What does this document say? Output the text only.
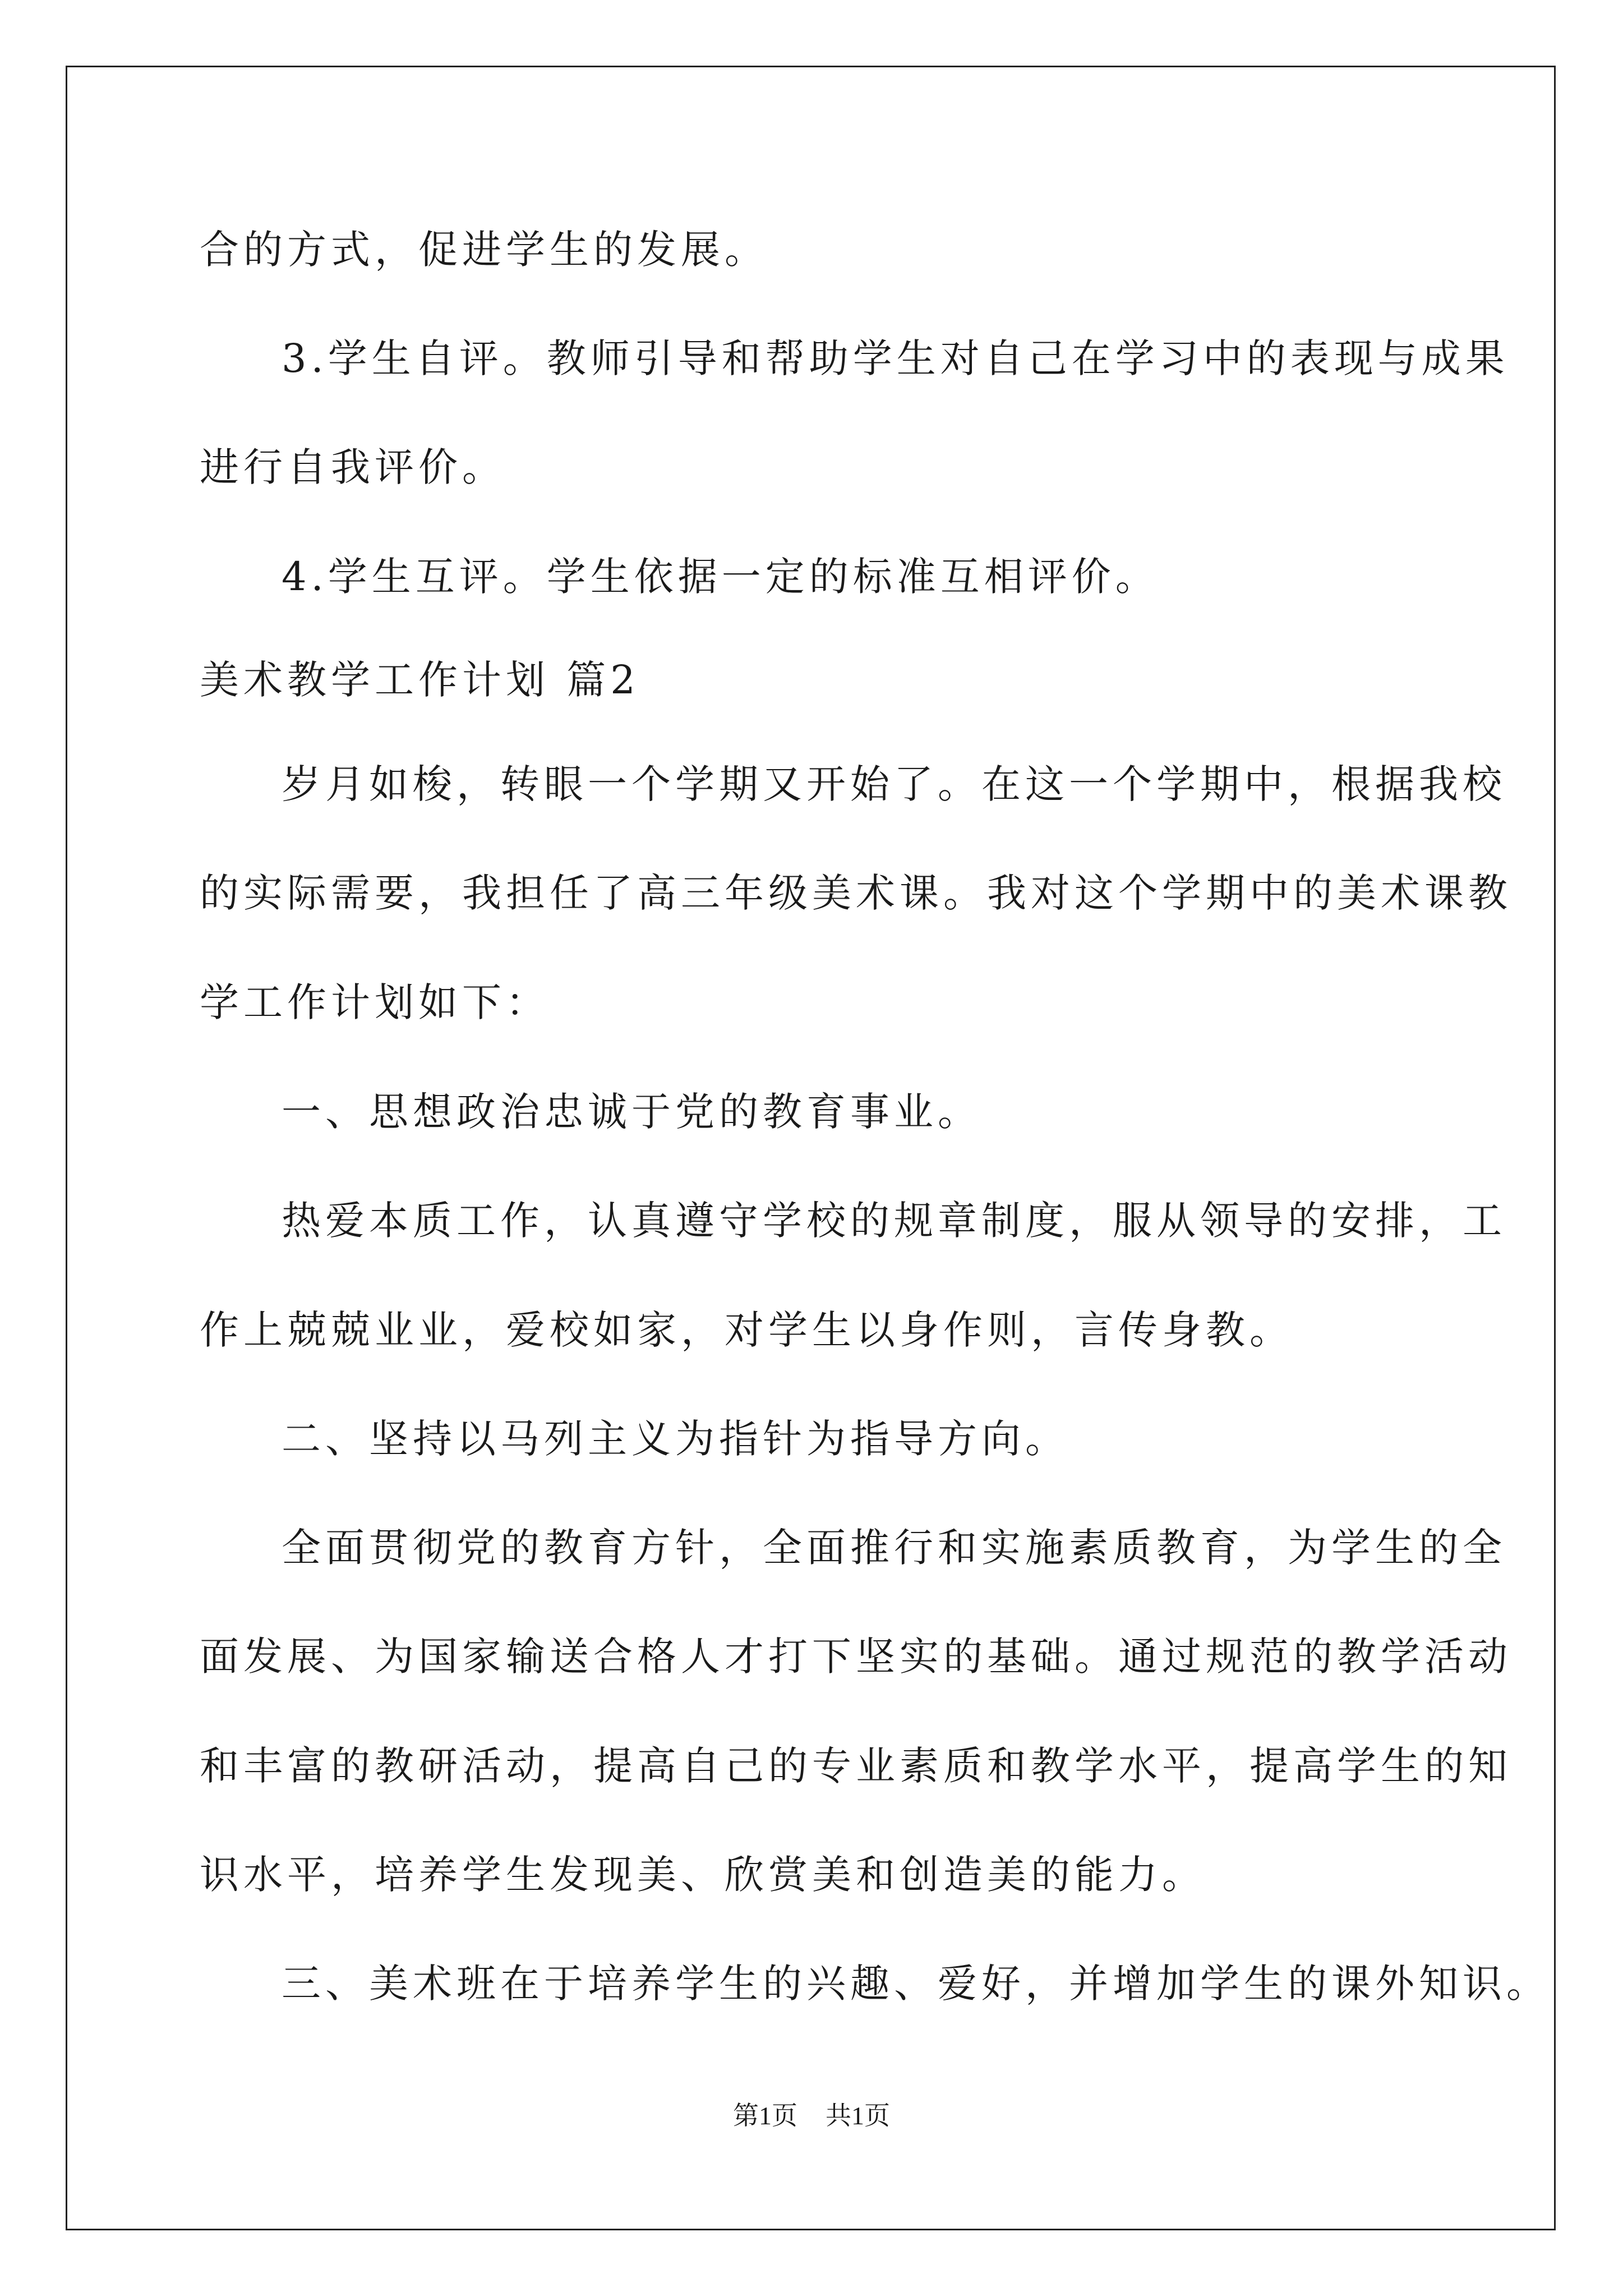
合的方式，促进学生的发展。
3.学生自评。教师引导和帮助学生对自己在学习中的表现与成果
进行自我评价。
4.学生互评。学生依据一定的标准互相评价。
美术教学工作计划 篇2
岁月如梭，转眼一个学期又开始了。在这一个学期中，根据我校
的实际需要，我担任了高三年级美术课。我对这个学期中的美术课教
学工作计划如下：
一、思想政治忠诚于党的教育事业。
热爱本质工作，认真遵守学校的规章制度，服从领导的安排，工
作上兢兢业业，爱校如家，对学生以身作则，言传身教。
二、坚持以马列主义为指针为指导方向。
全面贯彻党的教育方针，全面推行和实施素质教育，为学生的全
面发展、为国家输送合格人才打下坚实的基础。通过规范的教学活动
和丰富的教研活动，提高自己的专业素质和教学水平，提高学生的知
识水平，培养学生发现美、欣赏美和创造美的能力。
三、美术班在于培养学生的兴趣、爱好，并增加学生的课外知识。
第1页 共1页
